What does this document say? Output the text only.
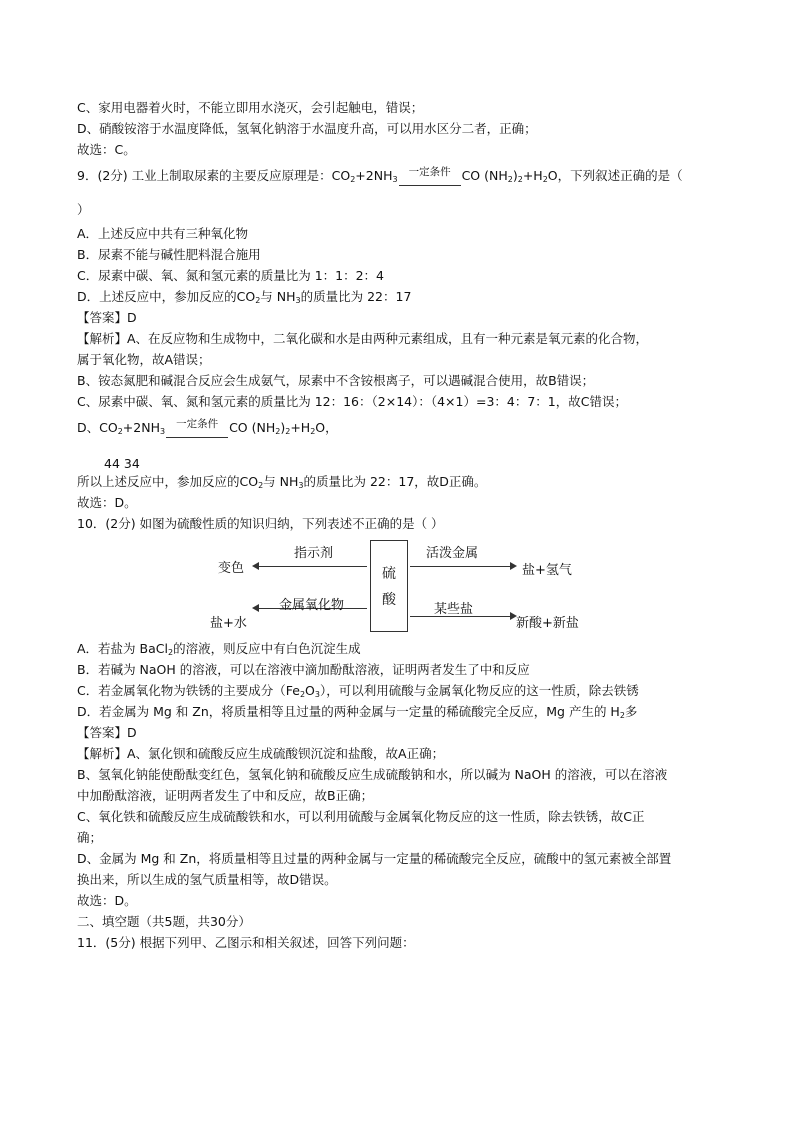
C、家用电器着火时，不能立即用水浇灭，会引起触电，错误；
D、硝酸铵溶于水温度降低，氢氧化钠溶于水温度升高，可以用水区分二者，正确；
故选：C。
9．(2分) 工业上制取尿素的主要反应原理是：$CO_2+2NH_3$
一定条件 CO $(NH_2)_2+H_2O$，下列叙述正确的是（
）
A．上述反应中共有三种氧化物
B．尿素不能与碱性肥料混合施用
C．尿素中碳、氧、氮和氢元素的质量比为 1：1：2：4
D．上述反应中，参加反应的$CO_2$与 $NH_3$的质量比为 22：17
【答案】D
【解析】A、在反应物和生成物中，二氧化碳和水是由两种元素组成，且有一种元素是氧元素的化合物，
属于氧化物，故A错误；
B、铵态氮肥和碱混合反应会生成氨气，尿素中不含铵根离子，可以遇碱混合使用，故B错误；
C、尿素中碳、氧、氮和氢元素的质量比为 12：16：（2×14）：（4×1）=3：4：7：1，故C错误；
D、$CO_2+2NH_3$
一定条件 CO $(NH_2)_2+H_2O$，
44 34
所以上述反应中，参加反应的$CO_2$与 $NH_3$的质量比为 22：17，故D正确。
故选：D。
10．(2分) 如图为硫酸性质的知识归纳，下列表述不正确的是（ ）
硫
酸
指示剂
变色
活泼金属
盐+氢气
金属氧化物
盐+水
某些盐
新酸+新盐
A．若盐为 BaCl$_2$的溶液，则反应中有白色沉淀生成
B．若碱为 NaOH 的溶液，可以在溶液中滴加酚酞溶液，证明两者发生了中和反应
C．若金属氧化物为铁锈的主要成分$(Fe_2O_3)$，可以利用硫酸与金属氧化物反应的这一性质，除去铁锈
D．若金属为 Mg 和 Zn，将质量相等且过量的两种金属与一定量的稀硫酸完全反应，Mg 产生的 $H_2$多
【答案】D
【解析】A、氯化钡和硫酸反应生成硫酸钡沉淀和盐酸，故A正确；
B、氢氧化钠能使酚酞变红色，氢氧化钠和硫酸反应生成硫酸钠和水，所以碱为 NaOH 的溶液，可以在溶液
中加酚酞溶液，证明两者发生了中和反应，故B正确；
C、氧化铁和硫酸反应生成硫酸铁和水，可以利用硫酸与金属氧化物反应的这一性质，除去铁锈，故C正
确；
D、金属为 Mg 和 Zn，将质量相等且过量的两种金属与一定量的稀硫酸完全反应，硫酸中的氢元素被全部置
换出来，所以生成的氢气质量相等，故D错误。
故选：D。
二、填空题（共5题，共30分）
11．(5分) 根据下列甲、乙图示和相关叙述，回答下列问题：
